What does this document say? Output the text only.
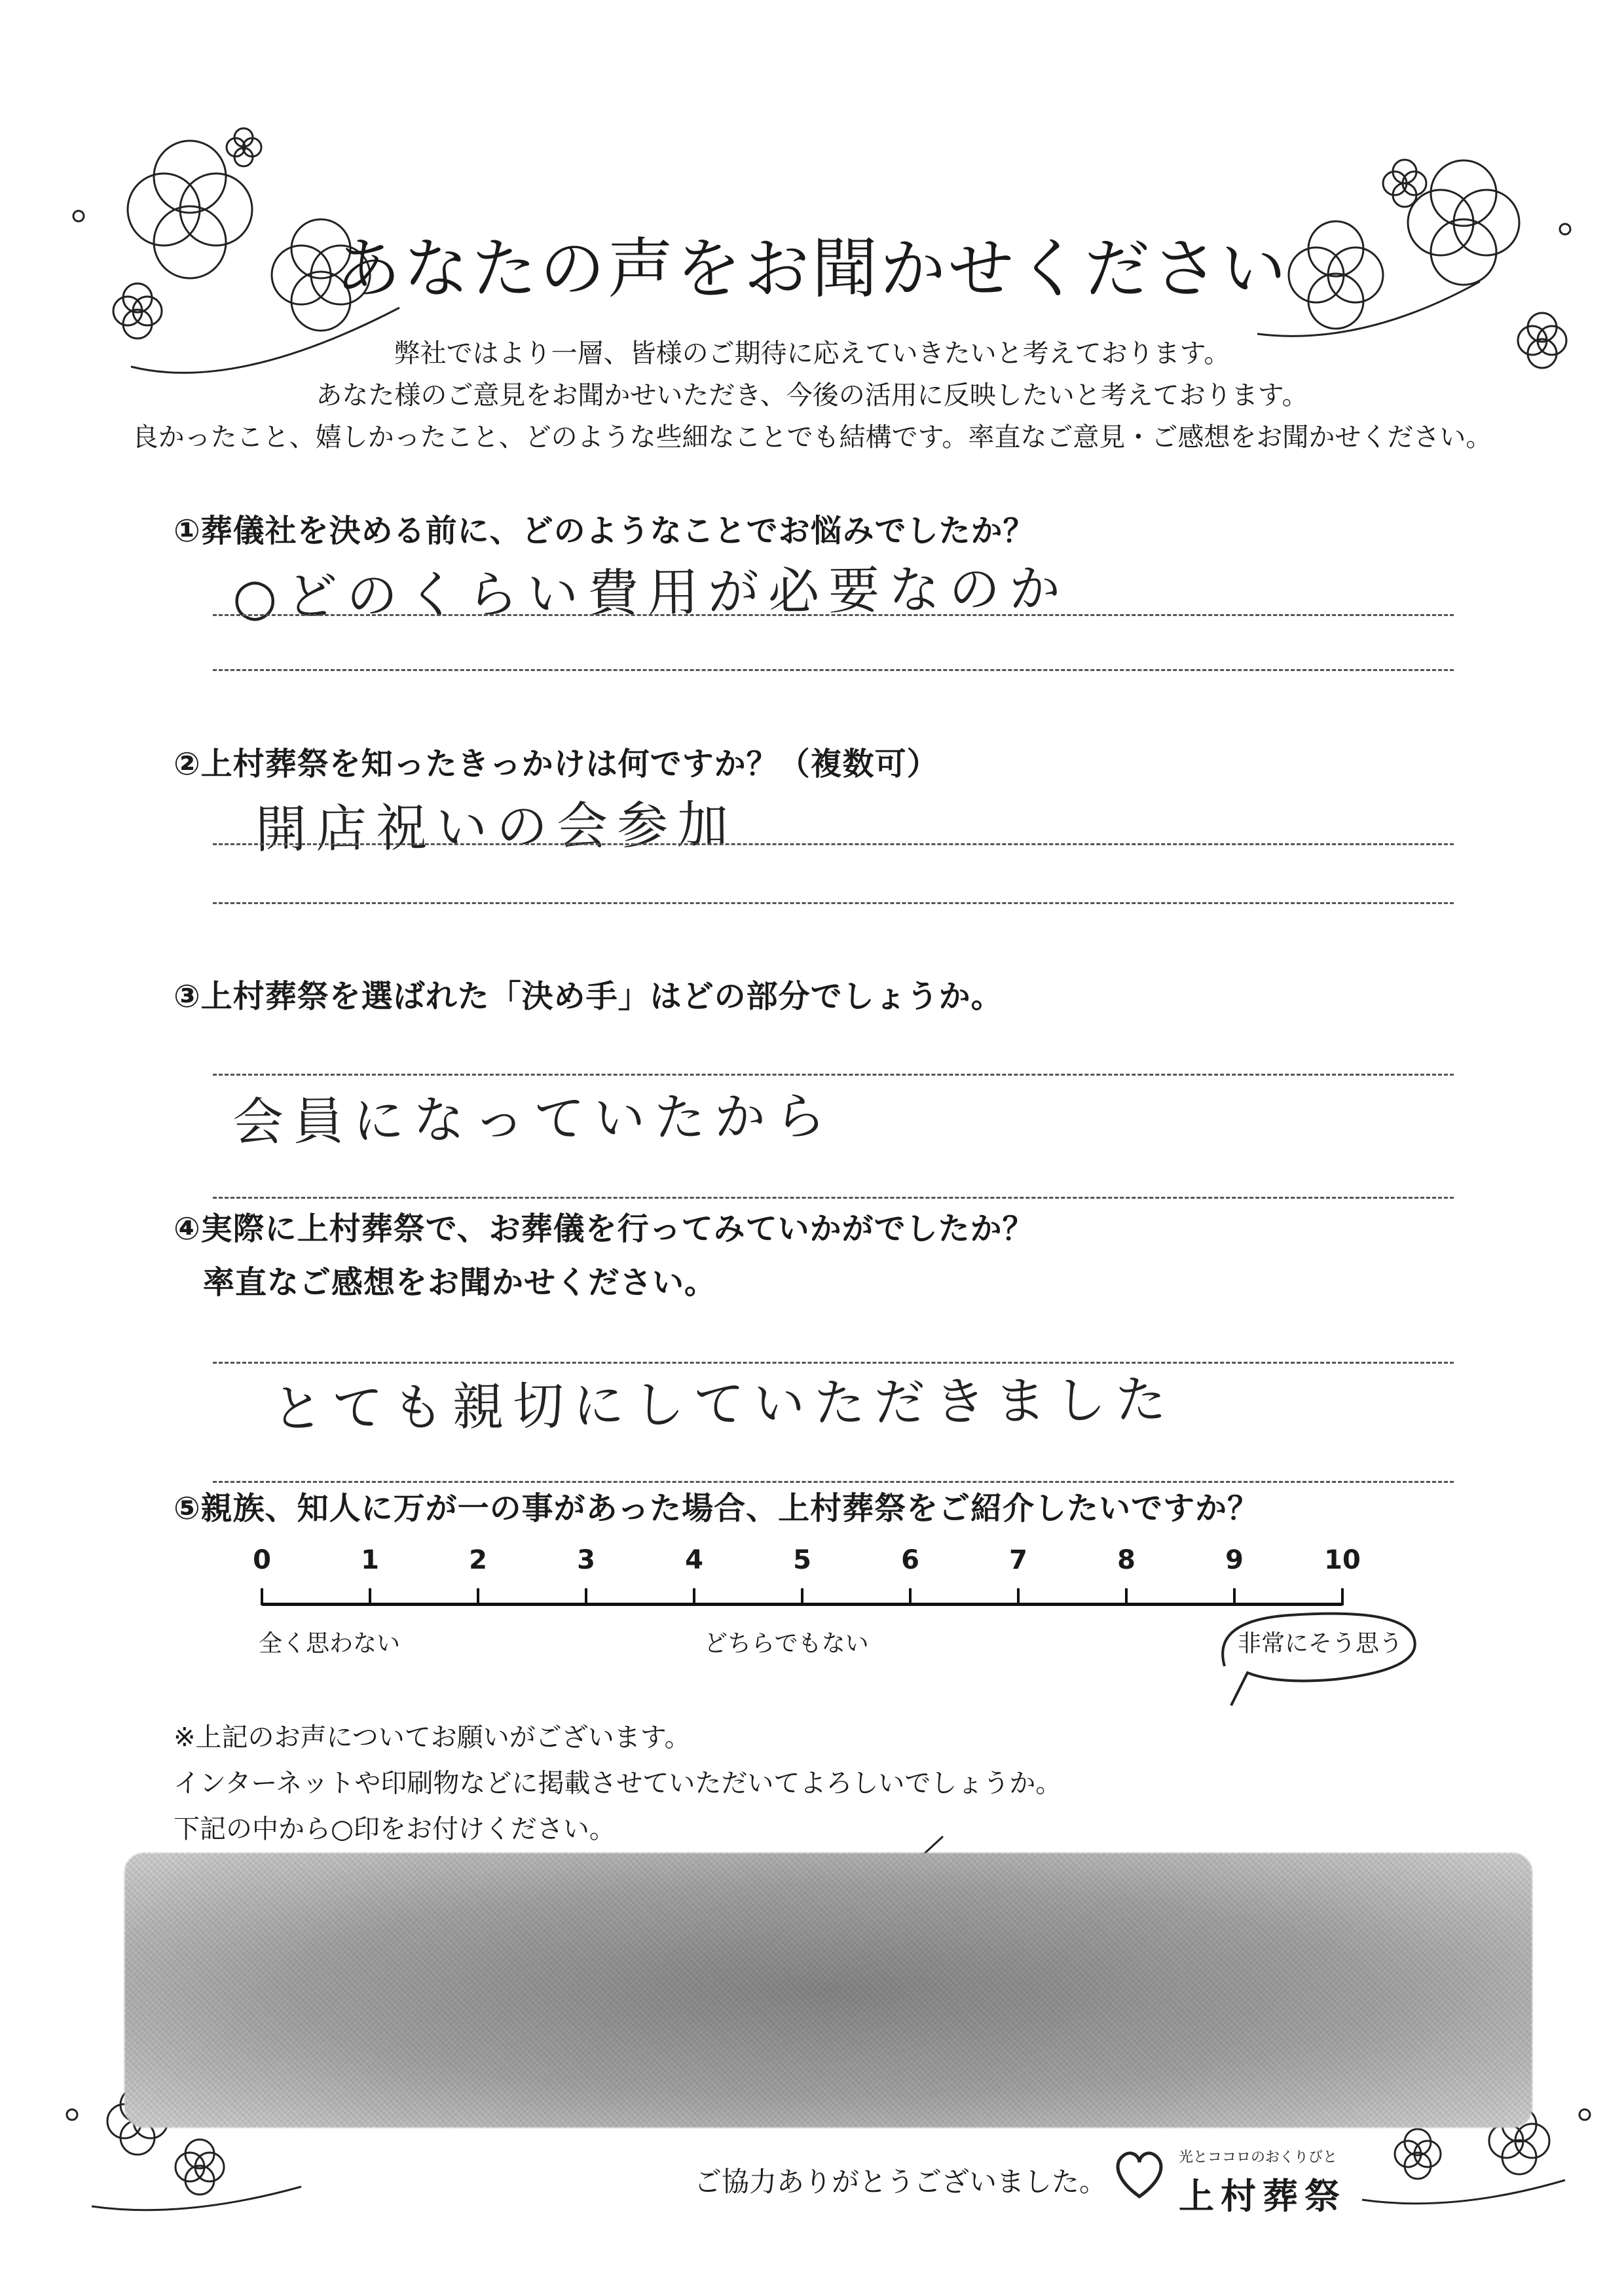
あなたの声をお聞かせください
弊社ではより一層、皆様のご期待に応えていきたいと考えております。
あなた様のご意見をお聞かせいただき、今後の活用に反映したいと考えております。
良かったこと、嬉しかったこと、どのような些細なことでも結構です。率直なご意見・ご感想をお聞かせください。
①葬儀社を決める前に、どのようなことでお悩みでしたか？
○どのくらい費用が必要なのか
②上村葬祭を知ったきっかけは何ですか？（複数可）
開店祝いの会参加
③上村葬祭を選ばれた「決め手」はどの部分でしょうか。
会員になっていたから
④実際に上村葬祭で、お葬儀を行ってみていかがでしたか？
率直なご感想をお聞かせください。
とても親切にしていただきました
⑤親族、知人に万が一の事があった場合、上村葬祭をご紹介したいですか？
0	1	2	3	4	5	6	7	8	9	10
全く思わない	どちらでもない	非常にそう思う
※上記のお声についてお願いがございます。
インターネットや印刷物などに掲載させていただいてよろしいでしょうか。
下記の中から○印をお付けください。
ご協力ありがとうございました。
光とココロのおくりびと
上村葬祭
